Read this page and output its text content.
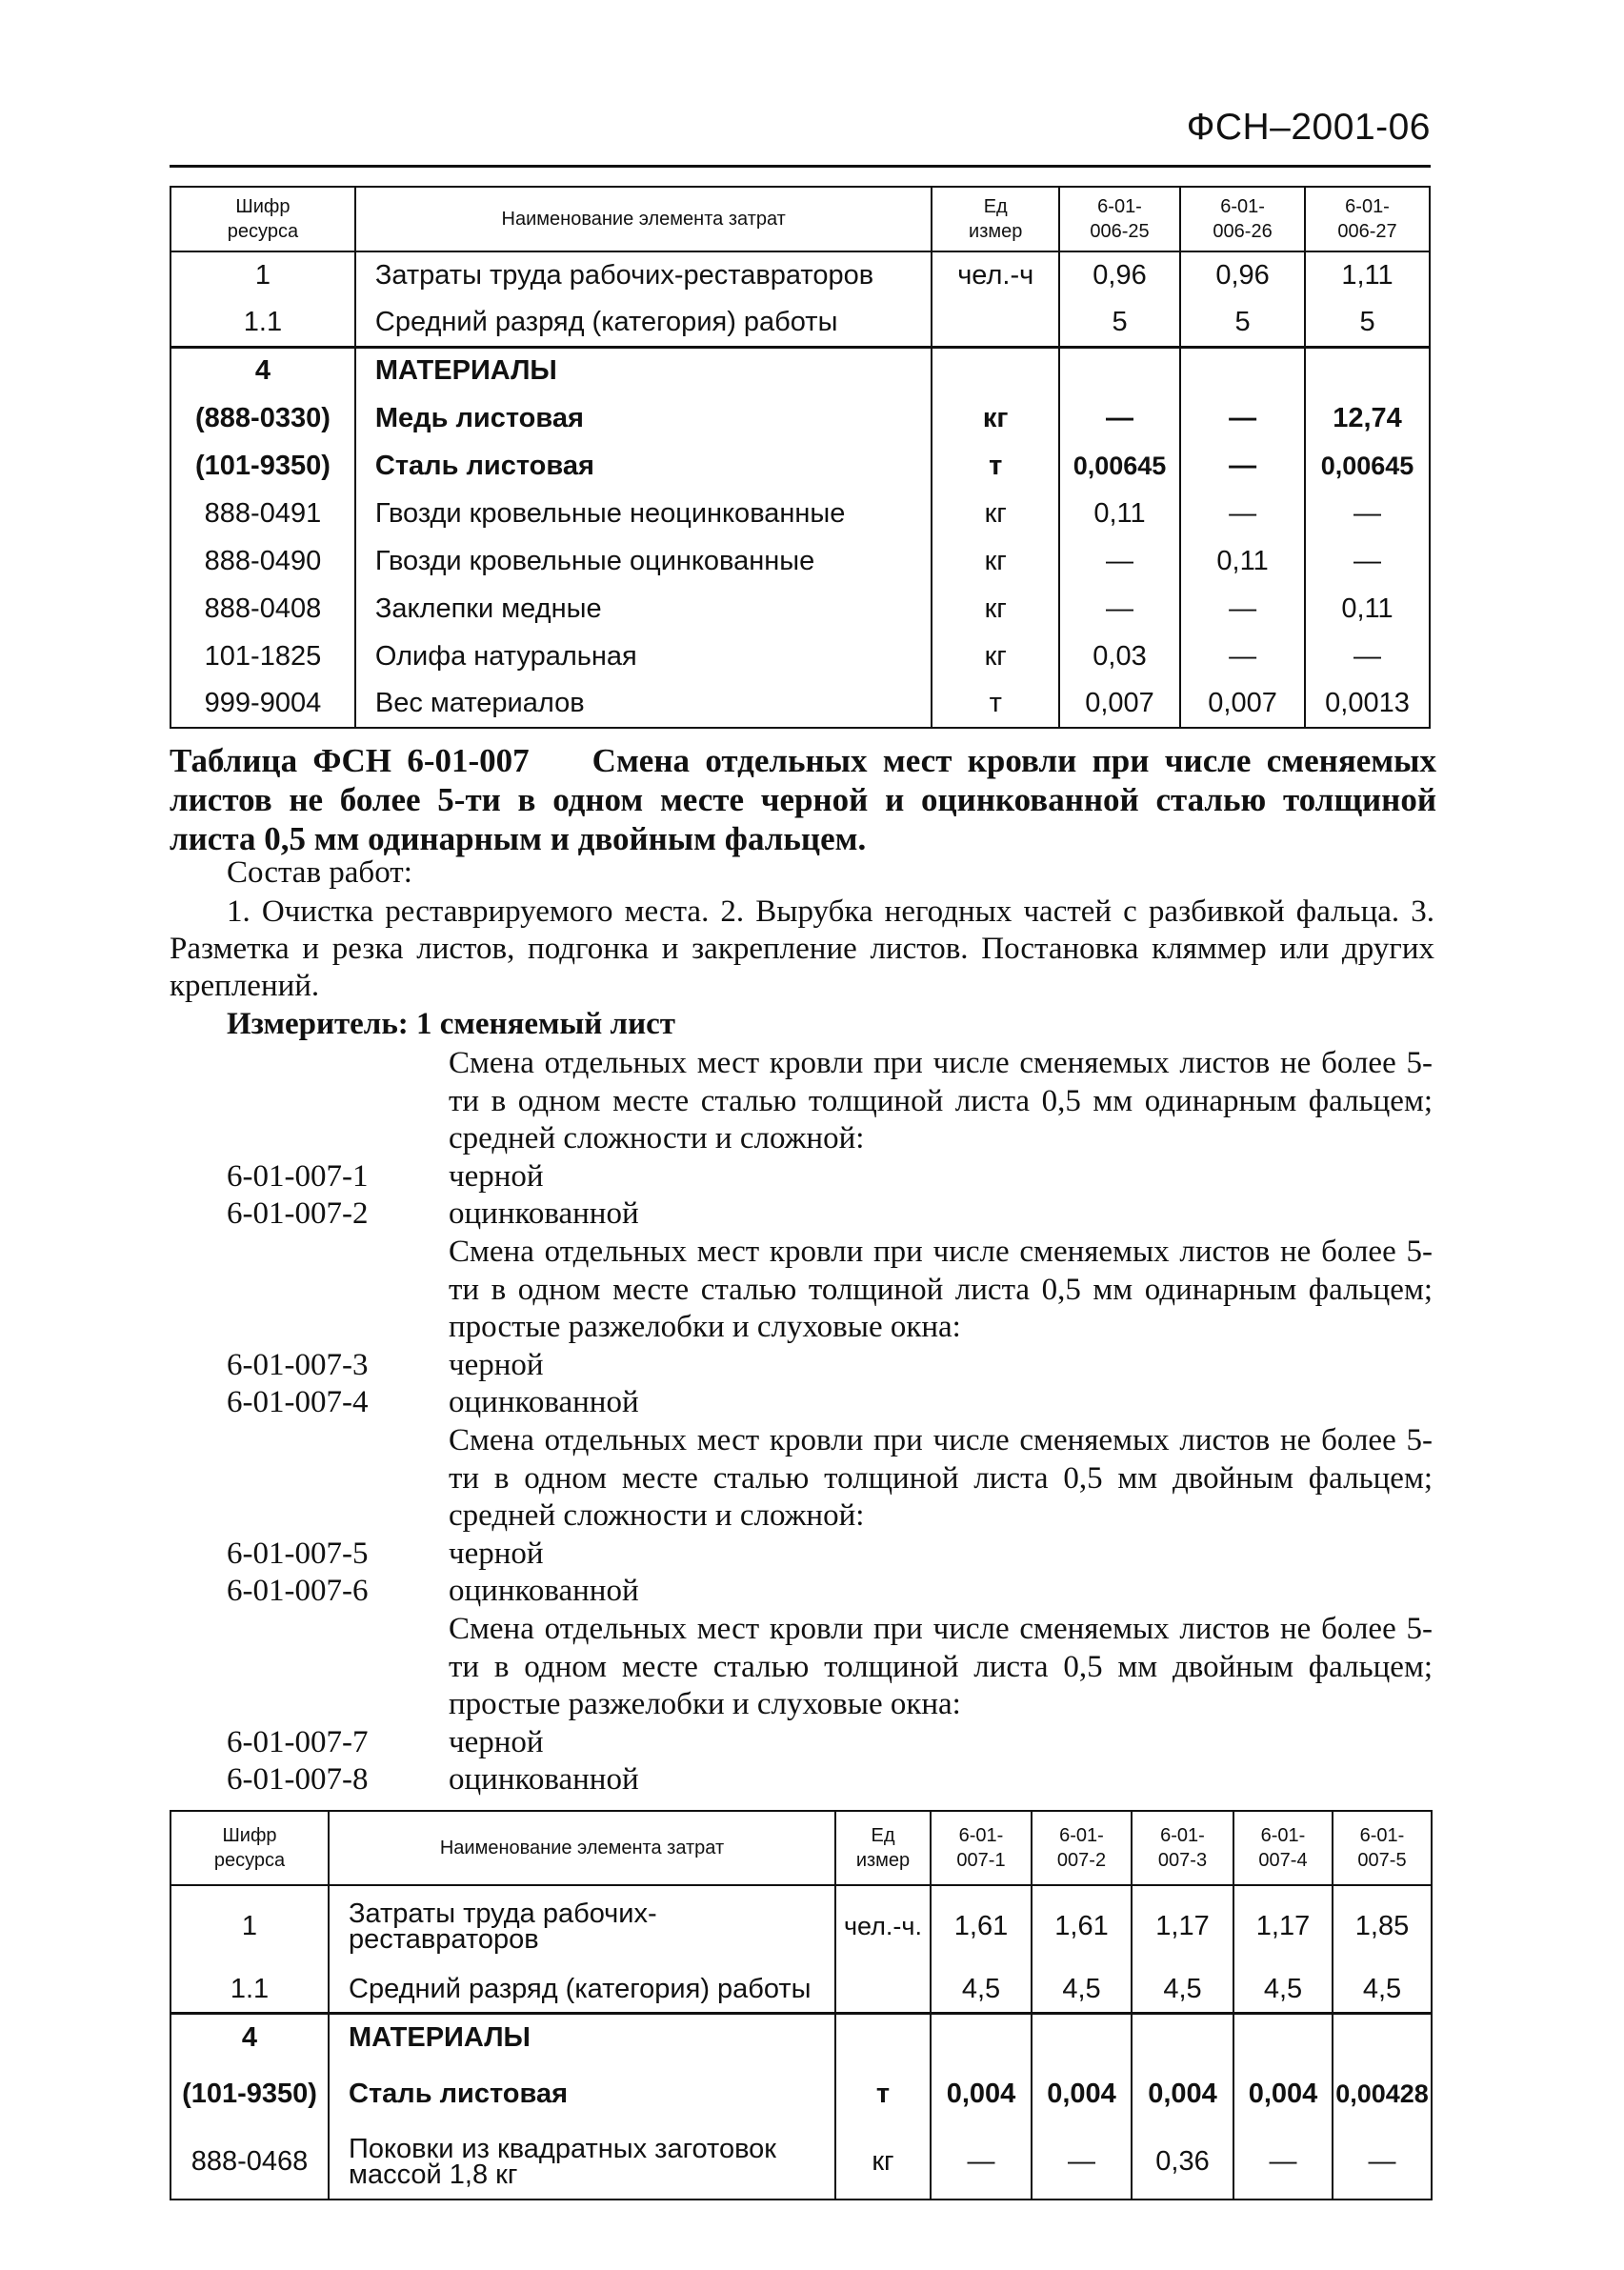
ФСН–2001-06
Шифр ресурса	Наименование элемента затрат	Ед измер	6-01-006-25	6-01-006-26	6-01-006-27

1	Затраты труда рабочих-реставраторов	чел.-ч	0,96	0,96	1,11
1.1	Средний разряд (категория) работы		5	5	5
4	МАТЕРИАЛЫ				
(888-0330)	Медь листовая	кг	—	—	12,74
(101-9350)	Сталь листовая	т	0,00645	—	0,00645
888-0491	Гвозди кровельные неоцинкованные	кг	0,11	—	—
888-0490	Гвозди кровельные оцинкованные	кг	—	0,11	—
888-0408	Заклепки медные	кг	—	—	0,11
101-1825	Олифа натуральная	кг	0,03	—	—
999-9004	Вес материалов	т	0,007	0,007	0,0013
Таблица ФСН 6-01-007 Смена отдельных мест кровли при числе сменяемых листов не более 5-ти в одном месте черной и оцинкованной сталью толщиной листа 0,5 мм одинарным и двойным фальцем.
Состав работ:
1. Очистка реставрируемого места. 2. Вырубка негодных частей с разбивкой фальца. 3. Разметка и резка листов, подгонка и закрепление листов. Постановка кляммер или других креплений.
Измеритель: 1 сменяемый лист
Смена отдельных мест кровли при числе сменяемых листов не более 5-ти в одном месте сталью толщиной листа 0,5 мм одинарным фальцем; средней сложности и сложной:
6-01-007-1	черной
6-01-007-2	оцинкованной
Смена отдельных мест кровли при числе сменяемых листов не более 5-ти в одном месте сталью толщиной листа 0,5 мм одинарным фальцем; простые разжелобки и слуховые окна:
6-01-007-3	черной
6-01-007-4	оцинкованной
Смена отдельных мест кровли при числе сменяемых листов не более 5-ти в одном месте сталью толщиной листа 0,5 мм двойным фальцем; средней сложности и сложной:
6-01-007-5	черной
6-01-007-6	оцинкованной
Смена отдельных мест кровли при числе сменяемых листов не более 5-ти в одном месте сталью толщиной листа 0,5 мм двойным фальцем; простые разжелобки и слуховые окна:
6-01-007-7	черной
6-01-007-8	оцинкованной
Шифр ресурса	Наименование элемента затрат	Ед измер	6-01-007-1	6-01-007-2	6-01-007-3	6-01-007-4	6-01-007-5

1	Затраты труда рабочих-реставраторов	чел.-ч.	1,61	1,61	1,17	1,17	1,85
1.1	Средний разряд (категория) работы		4,5	4,5	4,5	4,5	4,5
4	МАТЕРИАЛЫ						
(101-9350)	Сталь листовая	т	0,004	0,004	0,004	0,004	0,00428
888-0468	Поковки из квадратных заготовок массой 1,8 кг	кг	—	—	0,36	—	—
